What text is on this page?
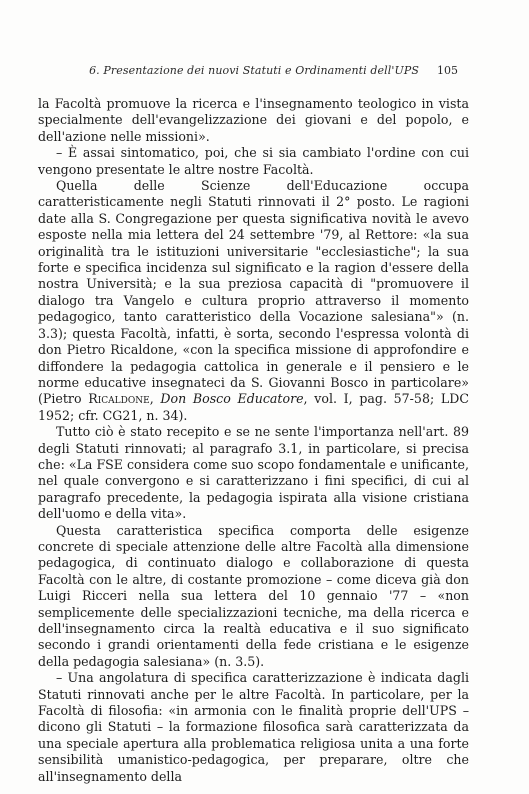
6. Presentazione dei nuovi Statuti e Ordinamenti dell'UPS 105

la Facoltà promuove la ricerca e l'insegnamento teologico in vista specialmente dell'evangelizzazione dei giovani e del popolo, e dell'azione nelle missioni».

– È assai sintomatico, poi, che si sia cambiato l'ordine con cui vengono presentate le altre nostre Facoltà.

Quella delle Scienze dell'Educazione occupa caratteristicamente negli Statuti rinnovati il 2° posto. Le ragioni date alla S. Congregazione per questa significativa novità le avevo esposte nella mia lettera del 24 settembre '79, al Rettore: «la sua originalità tra le istituzioni universitarie "ecclesiastiche"; la sua forte e specifica incidenza sul significato e la ragion d'essere della nostra Università; e la sua preziosa capacità di "promuovere il dialogo tra Vangelo e cultura proprio attraverso il momento pedagogico, tanto caratteristico della Vocazione salesiana"» (n. 3.3); questa Facoltà, infatti, è sorta, secondo l'espressa volontà di don Pietro Ricaldone, «con la specifica missione di approfondire e diffondere la pedagogia cattolica in generale e il pensiero e le norme educative insegnateci da S. Giovanni Bosco in particolare» (Pietro Ricaldone, Don Bosco Educatore, vol. I, pag. 57-58; LDC 1952; cfr. CG21, n. 34).

Tutto ciò è stato recepito e se ne sente l'importanza nell'art. 89 degli Statuti rinnovati; al paragrafo 3.1, in particolare, si precisa che: «La FSE considera come suo scopo fondamentale e unificante, nel quale convergono e si caratterizzano i fini specifici, di cui al paragrafo precedente, la pedagogia ispirata alla visione cristiana dell'uomo e della vita».

Questa caratteristica specifica comporta delle esigenze concrete di speciale attenzione delle altre Facoltà alla dimensione pedagogica, di continuato dialogo e collaborazione di questa Facoltà con le altre, di costante promozione – come diceva già don Luigi Ricceri nella sua lettera del 10 gennaio '77 – «non semplicemente delle specializzazioni tecniche, ma della ricerca e dell'insegnamento circa la realtà educativa e il suo significato secondo i grandi orientamenti della fede cristiana e le esigenze della pedagogia salesiana» (n. 3.5).

– Una angolatura di specifica caratterizzazione è indicata dagli Statuti rinnovati anche per le altre Facoltà. In particolare, per la Facoltà di filosofia: «in armonia con le finalità proprie dell'UPS – dicono gli Statuti – la formazione filosofica sarà caratterizzata da una speciale apertura alla problematica religiosa unita a una forte sensibilità umanistico-pedagogica, per preparare, oltre che all'insegnamento della
